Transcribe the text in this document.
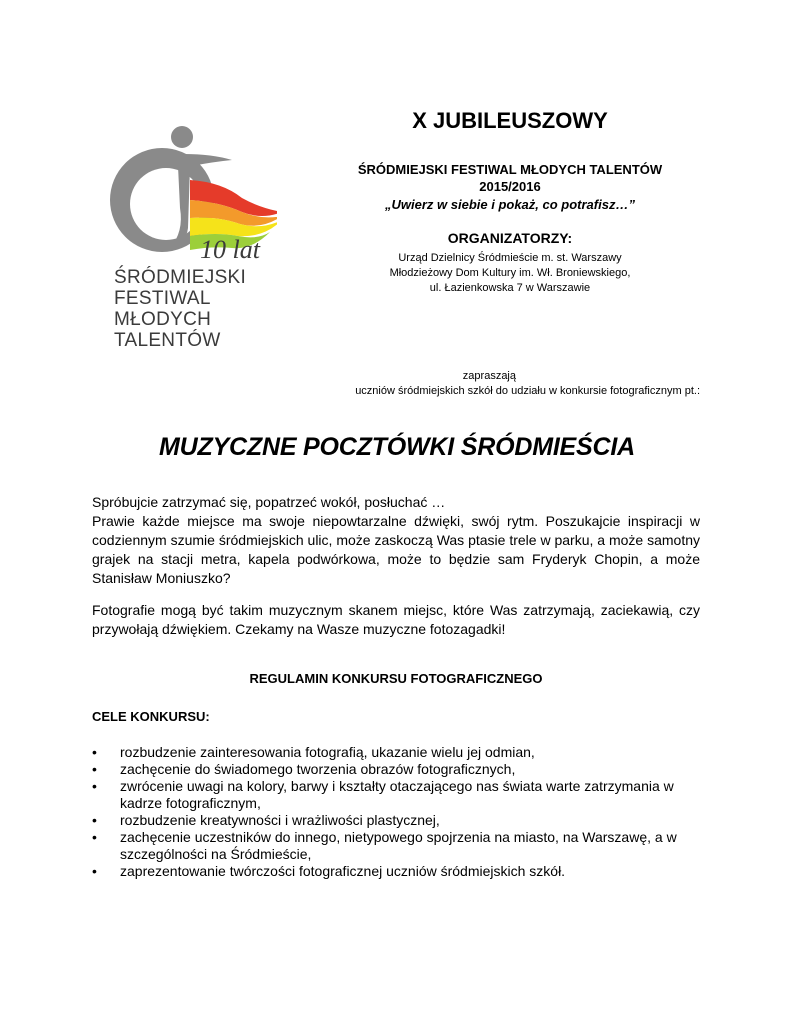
10 lat
ŚRÓDMIEJSKI
FESTIWAL
MŁODYCH
TALENTÓW
X JUBILEUSZOWY
ŚRÓDMIEJSKI FESTIWAL MŁODYCH TALENTÓW
2015/2016
„Uwierz w siebie i pokaż, co potrafisz…”
ORGANIZATORZY:
Urząd Dzielnicy Śródmieście m. st. Warszawy
Młodzieżowy Dom Kultury im. Wł. Broniewskiego,
ul. Łazienkowska 7 w Warszawie
zapraszają
uczniów śródmiejskich szkół do udziału w konkursie fotograficznym pt.:
MUZYCZNE POCZTÓWKI ŚRÓDMIEŚCIA

Spróbujcie zatrzymać się, popatrzeć wokół, posłuchać …

Prawie każde miejsce ma swoje niepowtarzalne dźwięki, swój rytm. Poszukajcie inspiracji w codziennym szumie śródmiejskich ulic, może zaskoczą Was ptasie trele w parku, a może samotny grajek na stacji metra, kapela podwórkowa, może to będzie sam Fryderyk Chopin, a może Stanisław Moniuszko?

Fotografie mogą być takim muzycznym skanem miejsc, które Was zatrzymają, zaciekawią, czy przywołają dźwiękiem. Czekamy na Wasze muzyczne fotozagadki!
REGULAMIN KONKURSU FOTOGRAFICZNEGO
CELE KONKURSU:
• rozbudzenie zainteresowania fotografią, ukazanie wielu jej odmian,
• zachęcenie do świadomego tworzenia obrazów fotograficznych,
• zwrócenie uwagi na kolory, barwy i kształty otaczającego nas świata warte zatrzymania w kadrze fotograficznym,
• rozbudzenie kreatywności i wrażliwości plastycznej,
• zachęcenie uczestników do innego, nietypowego spojrzenia na miasto, na Warszawę, a w szczególności na Śródmieście,
• zaprezentowanie twórczości fotograficznej uczniów śródmiejskich szkół.
